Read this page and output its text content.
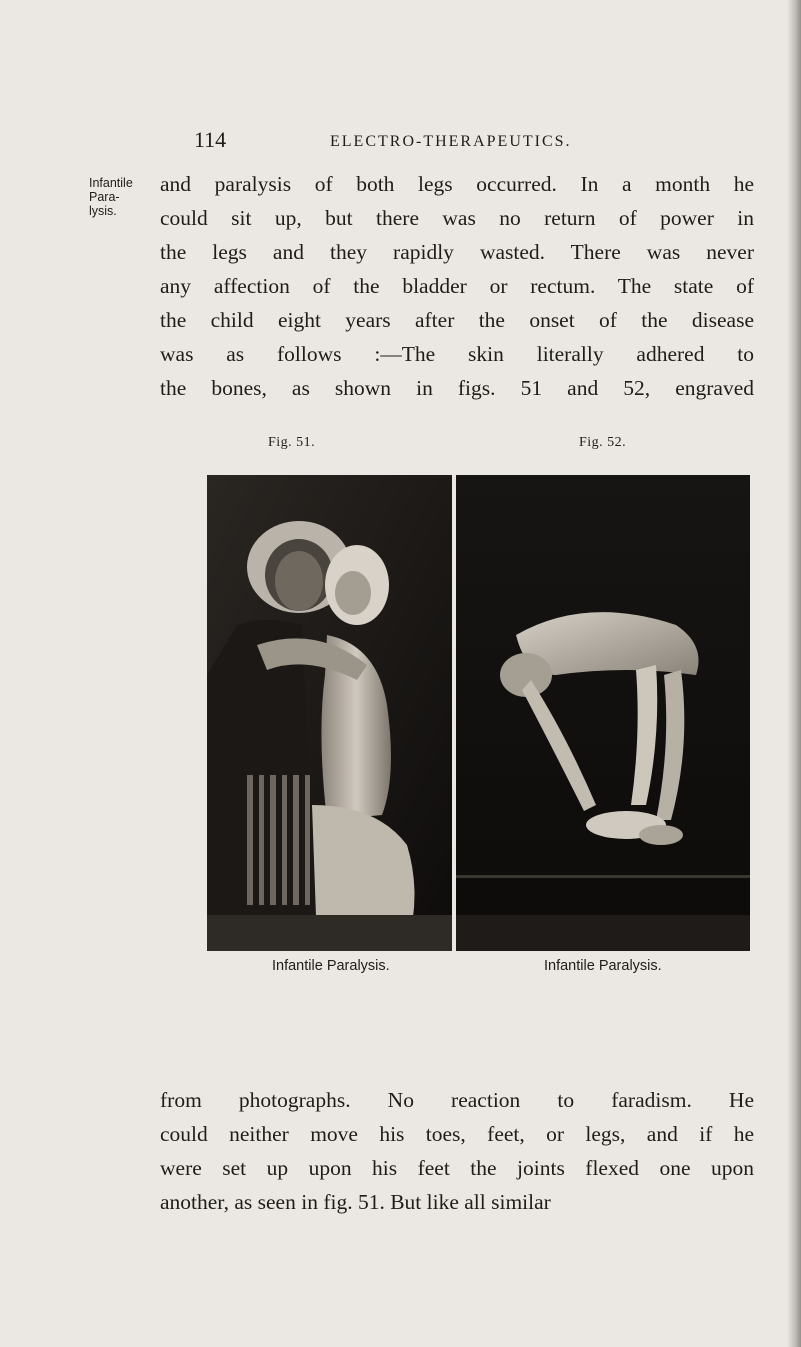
114	ELECTRO-THERAPEUTICS.
Infantile Para-
lysis.

and paralysis of both legs occurred. In a month he
could sit up, but there was no return of power in
the legs and they rapidly wasted. There was never
any affection of the bladder or rectum. The state of
the child eight years after the onset of the disease
was as follows :—The skin literally adhered to
the bones, as shown in figs. 51 and 52, engraved

Fig. 51.	Fig. 52.
Infantile Paralysis.	Infantile Paralysis.

from photographs. No reaction to faradism. He
could neither move his toes, feet, or legs, and if he
were set up upon his feet the joints flexed one upon
another, as seen in fig. 51. But like all similar
